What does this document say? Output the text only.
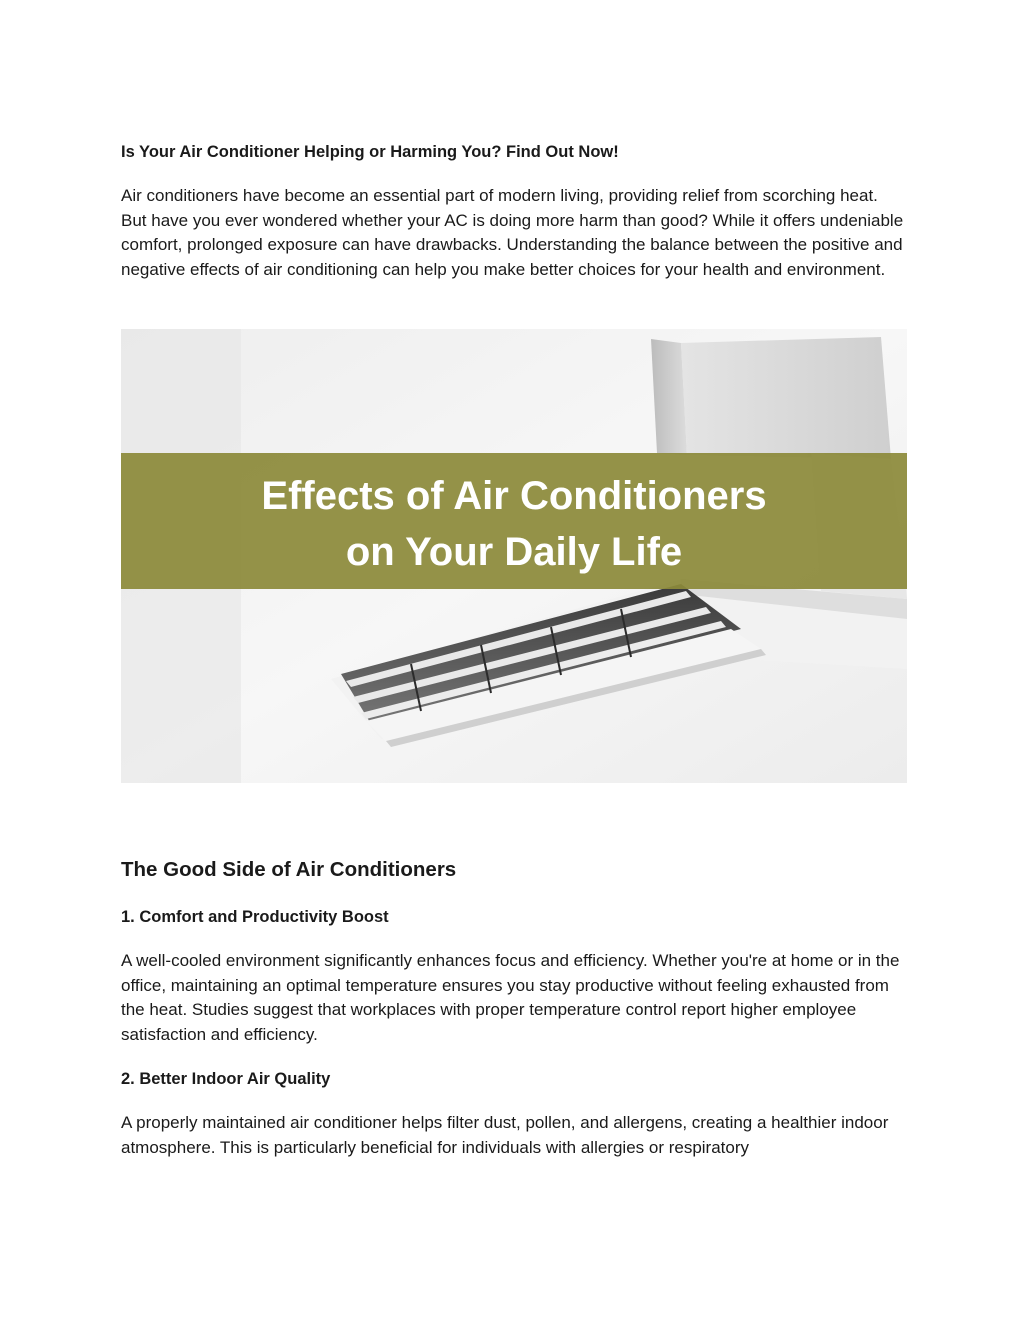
Is Your Air Conditioner Helping or Harming You? Find Out Now!
Air conditioners have become an essential part of modern living, providing relief from scorching heat. But have you ever wondered whether your AC is doing more harm than good? While it offers undeniable comfort, prolonged exposure can have drawbacks. Understanding the balance between the positive and negative effects of air conditioning can help you make better choices for your health and environment.
Effects of Air Conditioners
on Your Daily Life
The Good Side of Air Conditioners
1. Comfort and Productivity Boost
A well-cooled environment significantly enhances focus and efficiency. Whether you're at home or in the office, maintaining an optimal temperature ensures you stay productive without feeling exhausted from the heat. Studies suggest that workplaces with proper temperature control report higher employee satisfaction and efficiency.
2. Better Indoor Air Quality
A properly maintained air conditioner helps filter dust, pollen, and allergens, creating a healthier indoor atmosphere. This is particularly beneficial for individuals with allergies or respiratory
